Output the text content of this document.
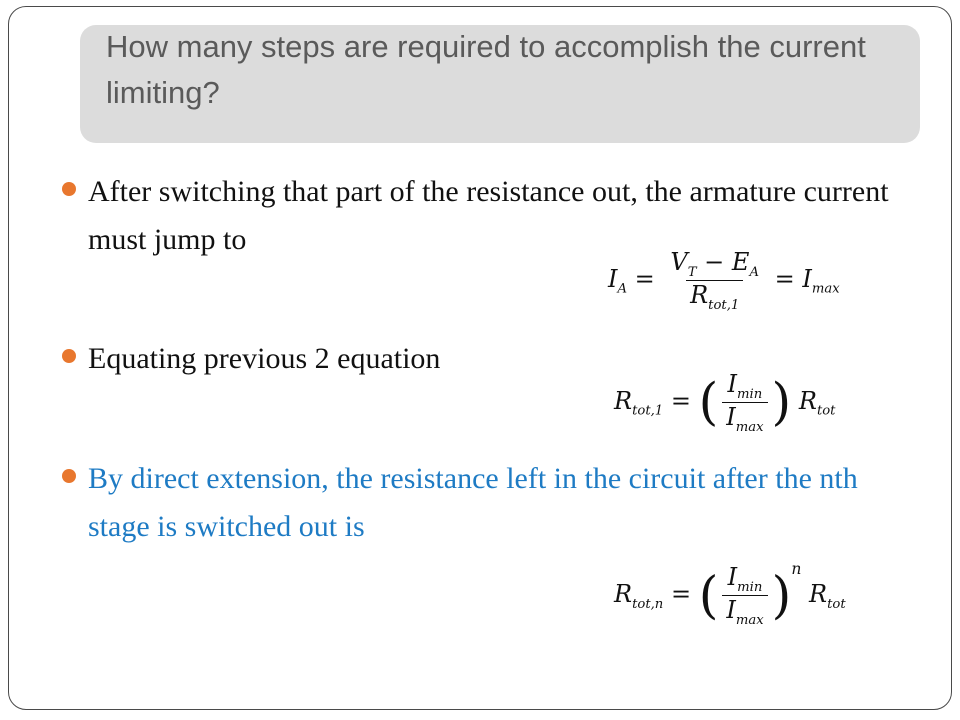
How many steps are required to accomplish the current limiting?
After switching that part of the resistance out, the armature current must jump to
$I_A = \frac{V_T - E_A}{R_{tot,1}} = I_{max}$
Equating previous 2 equation
$R_{tot,1}$ = ( $\frac{I_{min}}{I_{max}}$ ) $R_{tot}$
By direct extension, the resistance left in the circuit after the nth stage is switched out is
$R_{tot,n}$ = ( $\frac{I_{min}}{I_{max}} )^n$ $R_{tot}$
